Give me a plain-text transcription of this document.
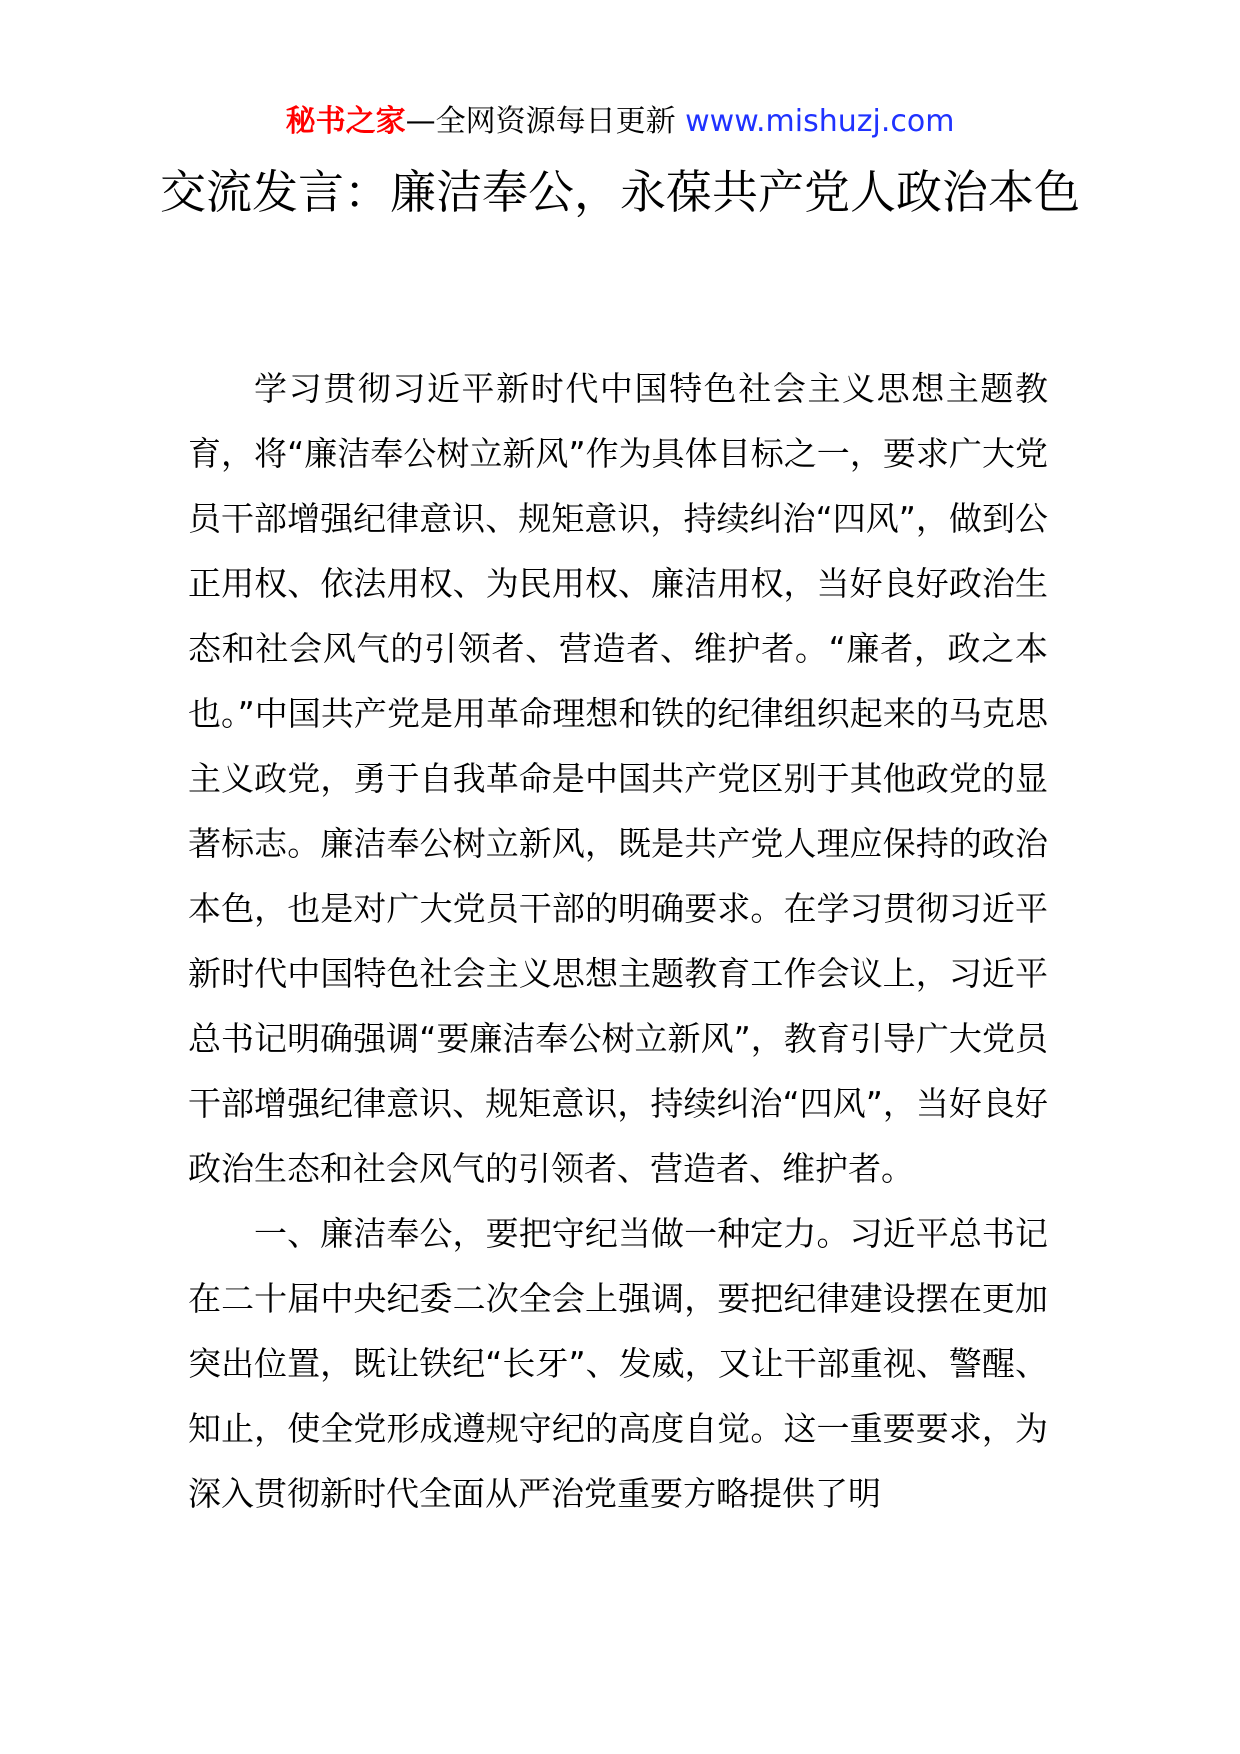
秘书之家—全网资源每日更新 www.mishuzj.com
交流发言：廉洁奉公，永葆共产党人政治本色

学习贯彻习近平新时代中国特色社会主义思想主题教育，将“廉洁奉公树立新风”作为具体目标之一，要求广大党员干部增强纪律意识、规矩意识，持续纠治“四风”，做到公正用权、依法用权、为民用权、廉洁用权，当好良好政治生态和社会风气的引领者、营造者、维护者。“廉者，政之本也。”中国共产党是用革命理想和铁的纪律组织起来的马克思主义政党，勇于自我革命是中国共产党区别于其他政党的显著标志。廉洁奉公树立新风，既是共产党人理应保持的政治本色，也是对广大党员干部的明确要求。在学习贯彻习近平新时代中国特色社会主义思想主题教育工作会议上，习近平总书记明确强调“要廉洁奉公树立新风”，教育引导广大党员干部增强纪律意识、规矩意识，持续纠治“四风”，当好良好政治生态和社会风气的引领者、营造者、维护者。

一、廉洁奉公，要把守纪当做一种定力。习近平总书记在二十届中央纪委二次全会上强调，要把纪律建设摆在更加突出位置，既让铁纪“长牙”、发威，又让干部重视、警醒、知止，使全党形成遵规守纪的高度自觉。这一重要要求，为深入贯彻新时代全面从严治党重要方略提供了明
